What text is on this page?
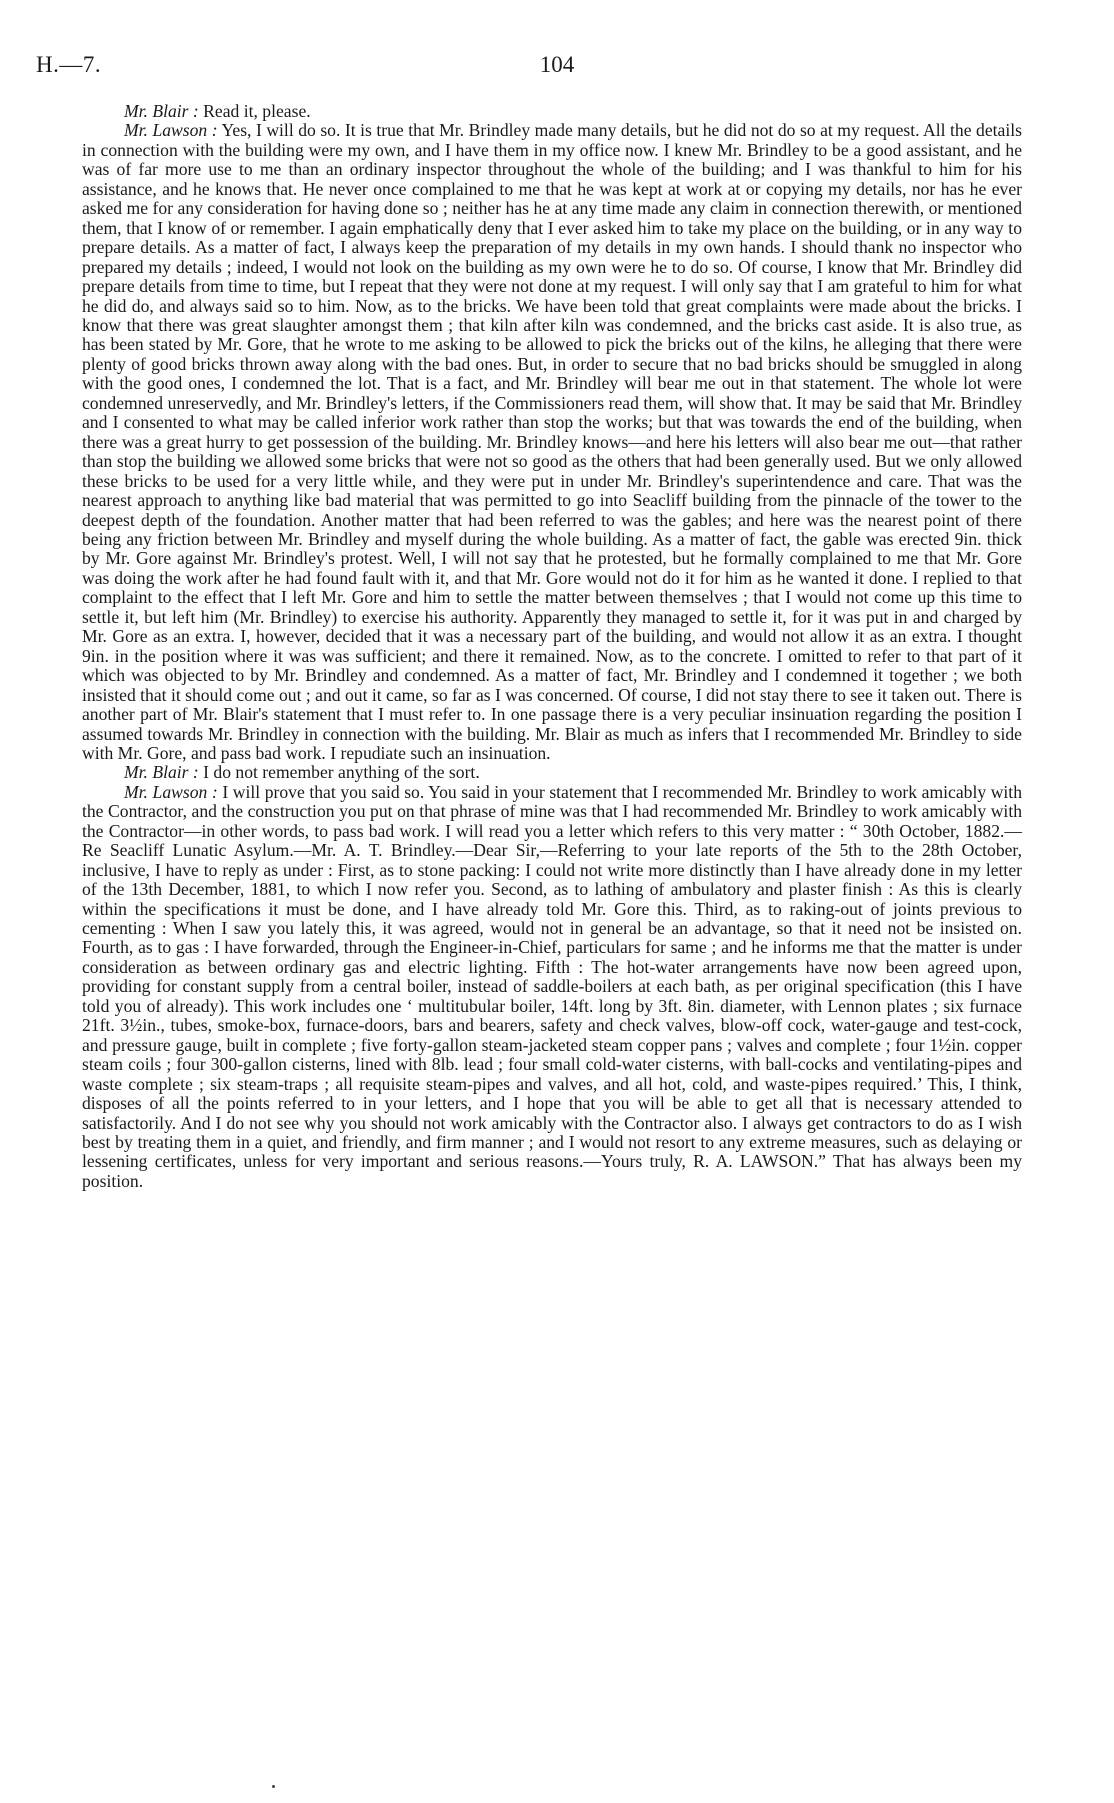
H.—7.	104

Mr. Blair : Read it, please.

Mr. Lawson : Yes, I will do so. It is true that Mr. Brindley made many details, but he did not do so at my request. All the details in connection with the building were my own, and I have them in my office now. I knew Mr. Brindley to be a good assistant, and he was of far more use to me than an ordinary inspector throughout the whole of the building; and I was thankful to him for his assistance, and he knows that. He never once complained to me that he was kept at work at or copying my details, nor has he ever asked me for any consideration for having done so ; neither has he at any time made any claim in connection therewith, or mentioned them, that I know of or remember. I again emphatically deny that I ever asked him to take my place on the building, or in any way to prepare details. As a matter of fact, I always keep the preparation of my details in my own hands. I should thank no inspector who prepared my details ; indeed, I would not look on the building as my own were he to do so. Of course, I know that Mr. Brindley did prepare details from time to time, but I repeat that they were not done at my request. I will only say that I am grateful to him for what he did do, and always said so to him. Now, as to the bricks. We have been told that great complaints were made about the bricks. I know that there was great slaughter amongst them ; that kiln after kiln was condemned, and the bricks cast aside. It is also true, as has been stated by Mr. Gore, that he wrote to me asking to be allowed to pick the bricks out of the kilns, he alleging that there were plenty of good bricks thrown away along with the bad ones. But, in order to secure that no bad bricks should be smuggled in along with the good ones, I condemned the lot. That is a fact, and Mr. Brindley will bear me out in that statement. The whole lot were condemned unreservedly, and Mr. Brindley's letters, if the Commissioners read them, will show that. It may be said that Mr. Brindley and I consented to what may be called inferior work rather than stop the works; but that was towards the end of the building, when there was a great hurry to get possession of the building. Mr. Brindley knows—and here his letters will also bear me out—that rather than stop the building we allowed some bricks that were not so good as the others that had been generally used. But we only allowed these bricks to be used for a very little while, and they were put in under Mr. Brindley's superintendence and care. That was the nearest approach to anything like bad material that was permitted to go into Seacliff building from the pinnacle of the tower to the deepest depth of the foundation. Another matter that had been referred to was the gables; and here was the nearest point of there being any friction between Mr. Brindley and myself during the whole building. As a matter of fact, the gable was erected 9in. thick by Mr. Gore against Mr. Brindley's protest. Well, I will not say that he protested, but he formally complained to me that Mr. Gore was doing the work after he had found fault with it, and that Mr. Gore would not do it for him as he wanted it done. I replied to that complaint to the effect that I left Mr. Gore and him to settle the matter between themselves ; that I would not come up this time to settle it, but left him (Mr. Brindley) to exercise his authority. Apparently they managed to settle it, for it was put in and charged by Mr. Gore as an extra. I, however, decided that it was a necessary part of the building, and would not allow it as an extra. I thought 9in. in the position where it was was sufficient; and there it remained. Now, as to the concrete. I omitted to refer to that part of it which was objected to by Mr. Brindley and condemned. As a matter of fact, Mr. Brindley and I condemned it together ; we both insisted that it should come out ; and out it came, so far as I was concerned. Of course, I did not stay there to see it taken out. There is another part of Mr. Blair's statement that I must refer to. In one passage there is a very peculiar insinuation regarding the position I assumed towards Mr. Brindley in connection with the building. Mr. Blair as much as infers that I recommended Mr. Brindley to side with Mr. Gore, and pass bad work. I repudiate such an insinuation.

Mr. Blair : I do not remember anything of the sort.

Mr. Lawson : I will prove that you said so. You said in your statement that I recommended Mr. Brindley to work amicably with the Contractor, and the construction you put on that phrase of mine was that I had recommended Mr. Brindley to work amicably with the Contractor—in other words, to pass bad work. I will read you a letter which refers to this very matter : “ 30th October, 1882.—Re Seacliff Lunatic Asylum.—Mr. A. T. Brindley.—Dear Sir,—Referring to your late reports of the 5th to the 28th October, inclusive, I have to reply as under : First, as to stone packing: I could not write more distinctly than I have already done in my letter of the 13th December, 1881, to which I now refer you. Second, as to lathing of ambulatory and plaster finish : As this is clearly within the specifications it must be done, and I have already told Mr. Gore this. Third, as to raking-out of joints previous to cementing : When I saw you lately this, it was agreed, would not in general be an advantage, so that it need not be insisted on. Fourth, as to gas : I have forwarded, through the Engineer-in-Chief, particulars for same ; and he informs me that the matter is under consideration as between ordinary gas and electric lighting. Fifth : The hot-water arrangements have now been agreed upon, providing for constant supply from a central boiler, instead of saddle-boilers at each bath, as per original specification (this I have told you of already). This work includes one ‘ multitubular boiler, 14ft. long by 3ft. 8in. diameter, with Lennon plates ; six furnace 21ft. 3½in., tubes, smoke-box, furnace-doors, bars and bearers, safety and check valves, blow-off cock, water-gauge and test-cock, and pressure gauge, built in complete ; five forty-gallon steam-jacketed steam copper pans ; valves and complete ; four 1½in. copper steam coils ; four 300-gallon cisterns, lined with 8lb. lead ; four small cold-water cisterns, with ball-cocks and ventilating-pipes and waste complete ; six steam-traps ; all requisite steam-pipes and valves, and all hot, cold, and waste-pipes required.’ This, I think, disposes of all the points referred to in your letters, and I hope that you will be able to get all that is necessary attended to satisfactorily. And I do not see why you should not work amicably with the Contractor also. I always get contractors to do as I wish best by treating them in a quiet, and friendly, and firm manner ; and I would not resort to any extreme measures, such as delaying or lessening certificates, unless for very important and serious reasons.—Yours truly, R. A. LAWSON.” That has always been my position.
